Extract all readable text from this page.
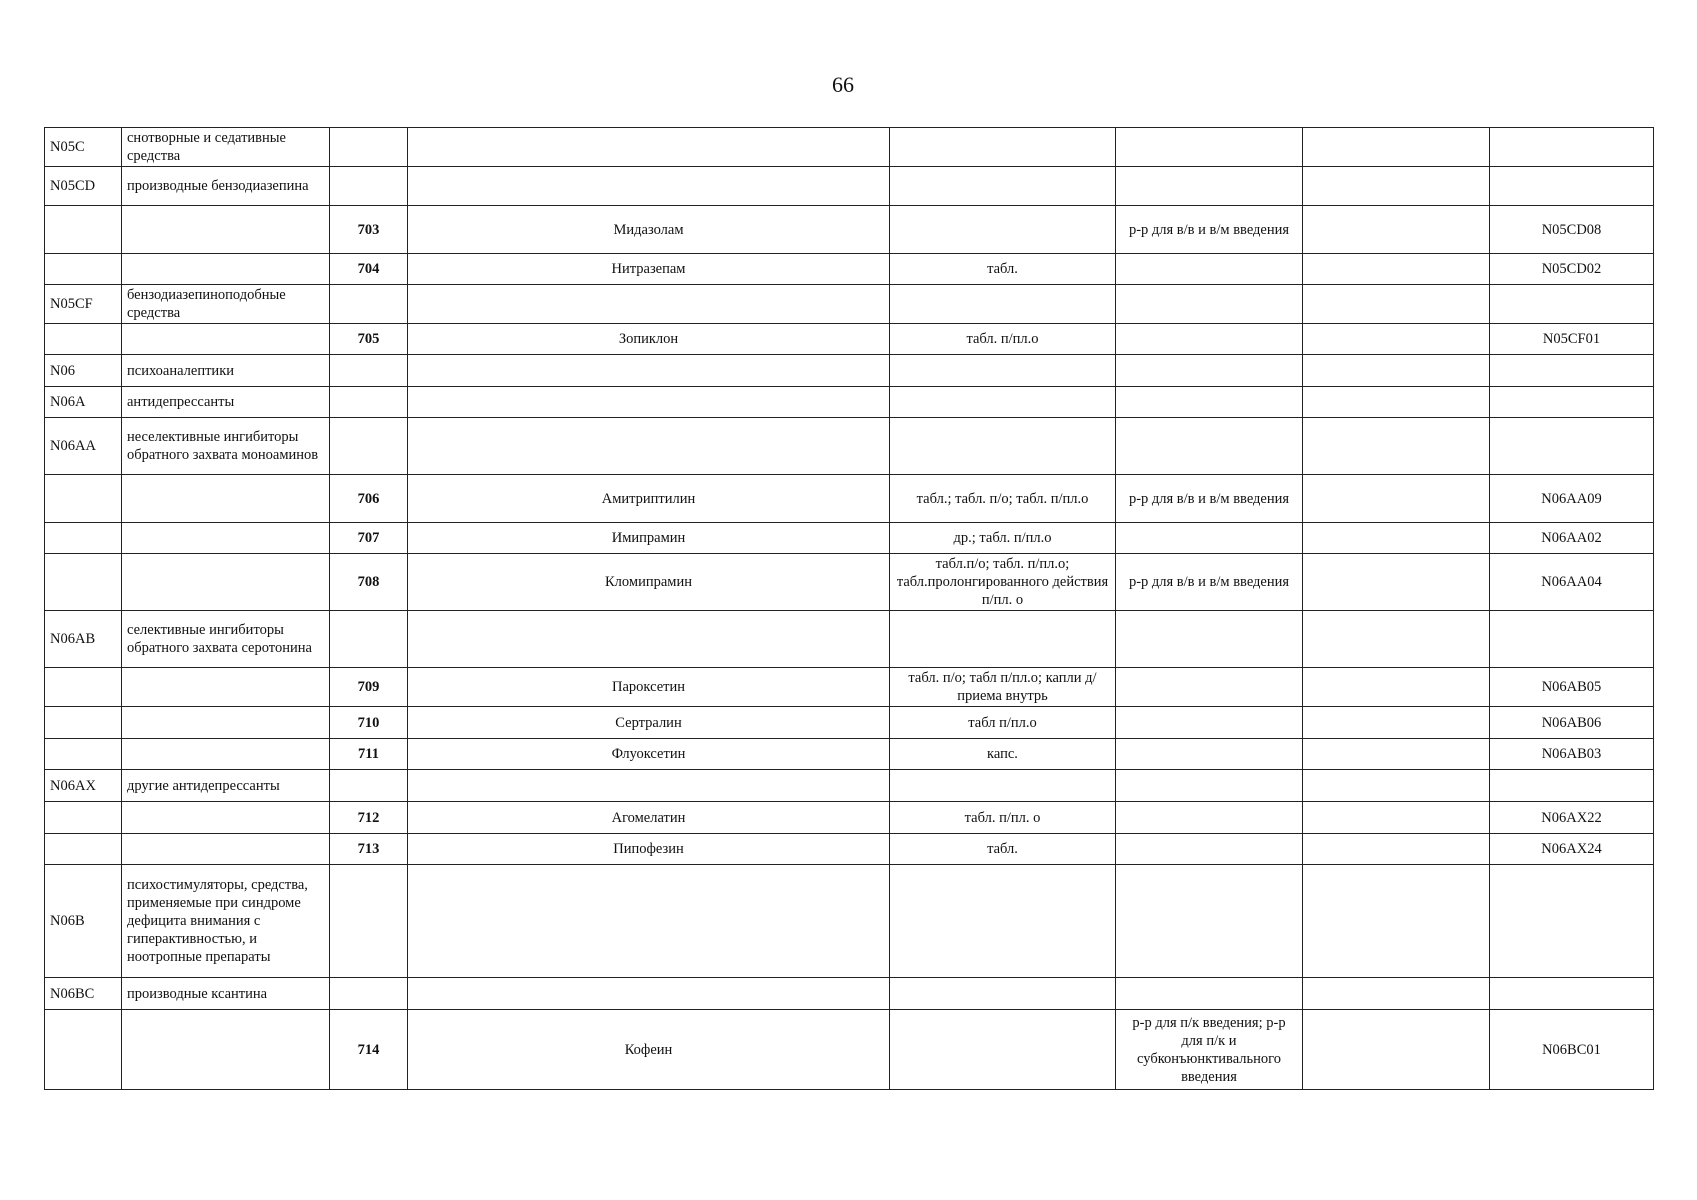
66
N05C	снотворные и седативные средства						
N05CD	производные бензодиазепина						
		703	Мидазолам		р-р для в/в и в/м введения		N05CD08
		704	Нитразепам	табл.			N05CD02
N05CF	бензодиазепиноподобные средства						
		705	Зопиклон	табл. п/пл.о			N05CF01
N06	психоаналептики						
N06A	антидепрессанты						
N06AA	неселективные ингибиторы обратного захвата моноаминов						
		706	Амитриптилин	табл.; табл. п/о; табл. п/пл.о	р-р для в/в и в/м введения		N06AA09
		707	Имипрамин	др.; табл. п/пл.о			N06AA02
		708	Кломипрамин	табл.п/о; табл. п/пл.о; табл.пролонгированного действия п/пл. о	р-р для в/в и в/м введения		N06AA04
N06AB	селективные ингибиторы обратного захвата серотонина						
		709	Пароксетин	табл. п/о; табл п/пл.о; капли д/приема внутрь			N06AB05
		710	Сертралин	табл п/пл.о			N06AB06
		711	Флуоксетин	капс.			N06AB03
N06AX	другие антидепрессанты						
		712	Агомелатин	табл. п/пл. о			N06AX22
		713	Пипофезин	табл.			N06AX24
N06B	психостимуляторы, средства, применяемые при синдроме дефицита внимания с гиперактивностью, и ноотропные препараты						
N06BC	производные ксантина						
		714	Кофеин		р-р для п/к введения; р-р для п/к и субконъюнктивального введения		N06BC01
